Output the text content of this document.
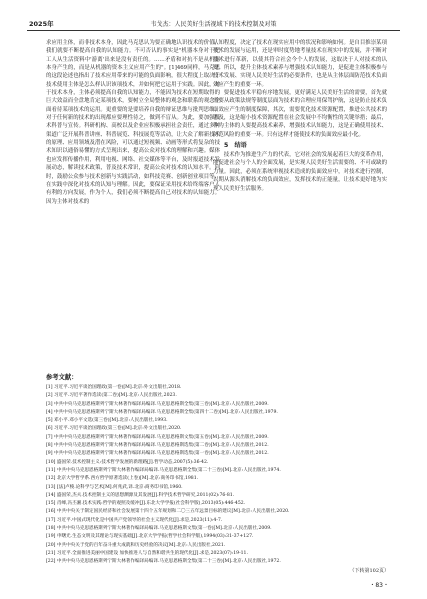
2025年	韦戈杰：人民美好生活视域下的技术控制及对策

求应用主体，而非技术本身，因此马克思认为要正确地认识技术的价值，我们就要不断提高自我的认知能力。不可否认的事实是"机器本身对于把工人从生活资料中'游离'出来是没有责任的。……矛盾和对抗不是从机器本身产生的，而是从机器的资本主义应用产生的"。[1]469同样，马克思的这段论述也指出了技术应用带来的可能的负面影响，很大程度上取决于技术使用主体是怎么样认识该项技术，并如何把它运用于实践。因此，对于技术本身，主体必须提高自我的认知能力，不能因为技术在短期取得的巨大效益而全盘地肯定某项技术，要树立全局整体的观念和联系的观念全面看待某项技术的运用。更重要的是要培养自我的辩证思维与批判思维，对于任何新的技术的出现都应要理性待之，做到不盲从。为此，要加强技术科普与宣传。科研机构、高校以及企业应积极承担社会责任，通过多种渠道广泛开展科普讲座、科普展览、科技展览等活动，让大众了解新技术的原理、应用领域及潜在风险，可以通过短视频、动画等形式将复杂的技术知识以通俗易懂的方式呈现出来，提高公众对技术的理解和兴趣。媒体也应发挥传播作用，利用电视、网络、社交媒体等平台，及时报道技术发展动态，解读技术政策，普及技术常识，提高公众对技术的认知水平。同时，鼓励公众参与技术创新与实践活动，如科技竞赛、创新创业项目等，在实践中深化对技术的认知与理解。因此，要保证采用技术给终端客户人有利的方向发展，作为个人，我们必须不断提高自己对技术的认知能力。因为主体对技术的

认知程度，决定了技术在现实应用中的状况和影响如何。是自目推崇某项技术的发展与运用，还是审时度势地考量技术在现实中的发展，并不断对技术进行革新，以使其符合社会今个人的发展，这取决于人对技术的认知。所以，提升主体技术素养与增强技术认知能力，是促进主体积极参与技术发展、实现人民美好生活的必要条件，也是从主体层面防范技术负面效应产生的重要一环。

要促进技术平稳有序地发展，更好满足人民美好生活的需要，首先就需要从政策法规等制度层面为技术的合理应用保驾护航，这是防止技术负面效应产生的制度保障，其次，需要优化技术资源配置，推进公共技术的普及，这是缩小技术资源配置在社会发展中不均衡性的关键举措；最后，作为主体的人要提高技术素养，增强技术认知能力，这是正确使用技术、防范风险的重要一环。只有这样才能使技术的负面效应最小化。

5　结语

技术作为推进生产力的代表，它对社会的发展起着巨大的变革作用，能促进社会与个人的全面发展，是实现人民美好生活需要的、不可或缺的力量。因此，必须在系统审视技术造成的负面效应中，对技术进行控制，以期从源头消解技术的负面效应，发挥技术的正能量，让技术更好地为实现人民美好生活服务。

参考文献：
[1] 习近平.习近平谈治国理政(第一卷)[M].北京:外文出版社,2018.
[2] 习近平.习近平著作选读(第二卷)[M].北京:人民出版社,2023.
[3] 中共中央马克思恩格斯列宁斯大林著作编译局编译.马克思恩格斯全集(第三卷)[M].北京:人民出版社,2009.
[4] 中共中央马克思恩格斯列宁斯大林著作编译局编译.马克思恩格斯全集(第四十二卷)[M].北京:人民出版社,1979.
[5] 邓小平.邓小平文选(第三卷)[M].北京:人民出版社,1993.
[6] 习近平.习近平谈治国理政(第三卷)[M].北京:外文出版社,2020.
[7] 中共中央马克思恩格斯列宁斯大林著作编译局编译.马克思恩格斯文集(第五卷)[M].北京:人民出版社,2009.
[8] 中共中央马克思恩格斯列宁斯大林著作编译局编译.马克思恩格斯选集(第二卷)[M].北京:人民出版社,2012.
[9] 中共中央马克思恩格斯列宁斯大林著作编译局编译.马克思恩格斯选集(第一卷)[M].北京:人民出版社,2012.
[10] 盛国荣.技术控制主义:技术哲学发展的新理路[J].哲学动态,2007(5):36-42.
[11] 中共中央马克思恩格斯列宁斯大林著作编译局编译.马克思恩格斯全集(第二十三卷)[M].北京:人民出版社,1974.
[12] 北京大学哲学系.西方哲学原著选读(上卷)[M].北京:商务印书馆,1981.
[13] [法]卢梭.论科学与艺术[M].何兆武,译.北京:商务印书馆,1960.
[14] 盛国荣,杰夫.技术控制主义的思想渊源及其发展[J].科学技术哲学研究,2011(02):76-81.
[15] 肖峰,冯丕湘.技术实践:哲学的观照及缓冲[J].东北大学学报(社会科学版),2013(05):446-452.
[16] 中共中央关于制定国民经济和社会发展第十四个五年规划和二〇三五年远景目标的建议[M].北京:人民出版社,2020.
[17] 习近平.中国式现代化是中国共产党领导的社会主义现代化[J].求是,2023(11):4-7.
[18] 中共中央马克思恩格斯列宁斯大林著作编译局编译.马克思恩格斯文集(第一卷)[M].北京:人民出版社,2009.
[19] 申曙光.生态文明及其理论与现实基础[J].北京大学学报(哲学社会科学版),1994(03):31-37+127.
[20] 中共中央关于党的百年奋斗重大成就和历史经验的决议[M].北京:人民出版社,2021.
[21] 习近平.全面推进美丽中国建设 加快推进人与自然和谐共生的现代化[J].求是,2023(07):19-11.
[22] 中共中央马克思恩格斯列宁斯大林著作编译局编译.马克思恩格斯全集(第二十三卷)[M].北京:人民出版社,1972.
（下转第102页）
・83・
